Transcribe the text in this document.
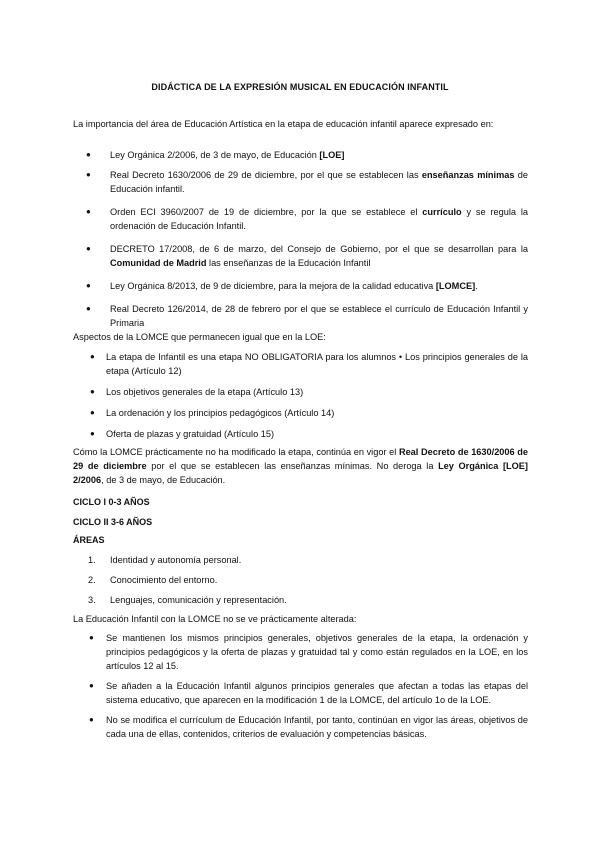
DIDÁCTICA DE LA EXPRESIÓN MUSICAL EN EDUCACIÓN INFANTIL
La importancia del área de Educación Artística en la etapa de educación infantil aparece expresado en:
● Ley Orgánica 2/2006, de 3 de mayo, de Educación [LOE]
● Real Decreto 1630/2006 de 29 de diciembre, por el que se establecen las enseñanzas mínimas de Educación infantil.
● Orden ECI 3960/2007 de 19 de diciembre, por la que se establece el currículo y se regula la ordenación de Educación Infantil.
● DECRETO 17/2008, de 6 de marzo, del Consejo de Gobierno, por el que se desarrollan para la Comunidad de Madrid las enseñanzas de la Educación Infantil
● Ley Orgánica 8/2013, de 9 de diciembre, para la mejora de la calidad educativa [LOMCE].
● Real Decreto 126/2014, de 28 de febrero por el que se establece el currículo de Educación Infantil y Primaria
Aspectos de la LOMCE que permanecen igual que en la LOE:
● La etapa de Infantil es una etapa NO OBLIGATORIA para los alumnos • Los principios generales de la etapa (Artículo 12)
● Los objetivos generales de la etapa (Artículo 13)
● La ordenación y los principios pedagógicos (Artículo 14)
● Oferta de plazas y gratuidad (Artículo 15)
Cómo la LOMCE prácticamente no ha modificado la etapa, continúa en vigor el Real Decreto de 1630/2006 de 29 de diciembre por el que se establecen las enseñanzas mínimas. No deroga la Ley Orgánica [LOE] 2/2006, de 3 de mayo, de Educación.
CICLO I 0-3 AÑOS
CICLO II 3-6 AÑOS
ÁREAS
1. Identidad y autonomía personal.
2. Conocimiento del entorno.
3. Lenguajes, comunicación y representación.
La Educación Infantil con la LOMCE no se ve prácticamente alterada:
● Se mantienen los mismos principios generales, objetivos generales de la etapa, la ordenación y principios pedagógicos y la oferta de plazas y gratuidad tal y como están regulados en la LOE, en los artículos 12 al 15.
● Se añaden a la Educación Infantil algunos principios generales que afectan a todas las etapas del sistema educativo, que aparecen en la modificación 1 de la LOMCE, del artículo 1o de la LOE.
● No se modifica el currículum de Educación Infantil, por tanto, continúan en vigor las áreas, objetivos de cada una de ellas, contenidos, criterios de evaluación y competencias básicas.
